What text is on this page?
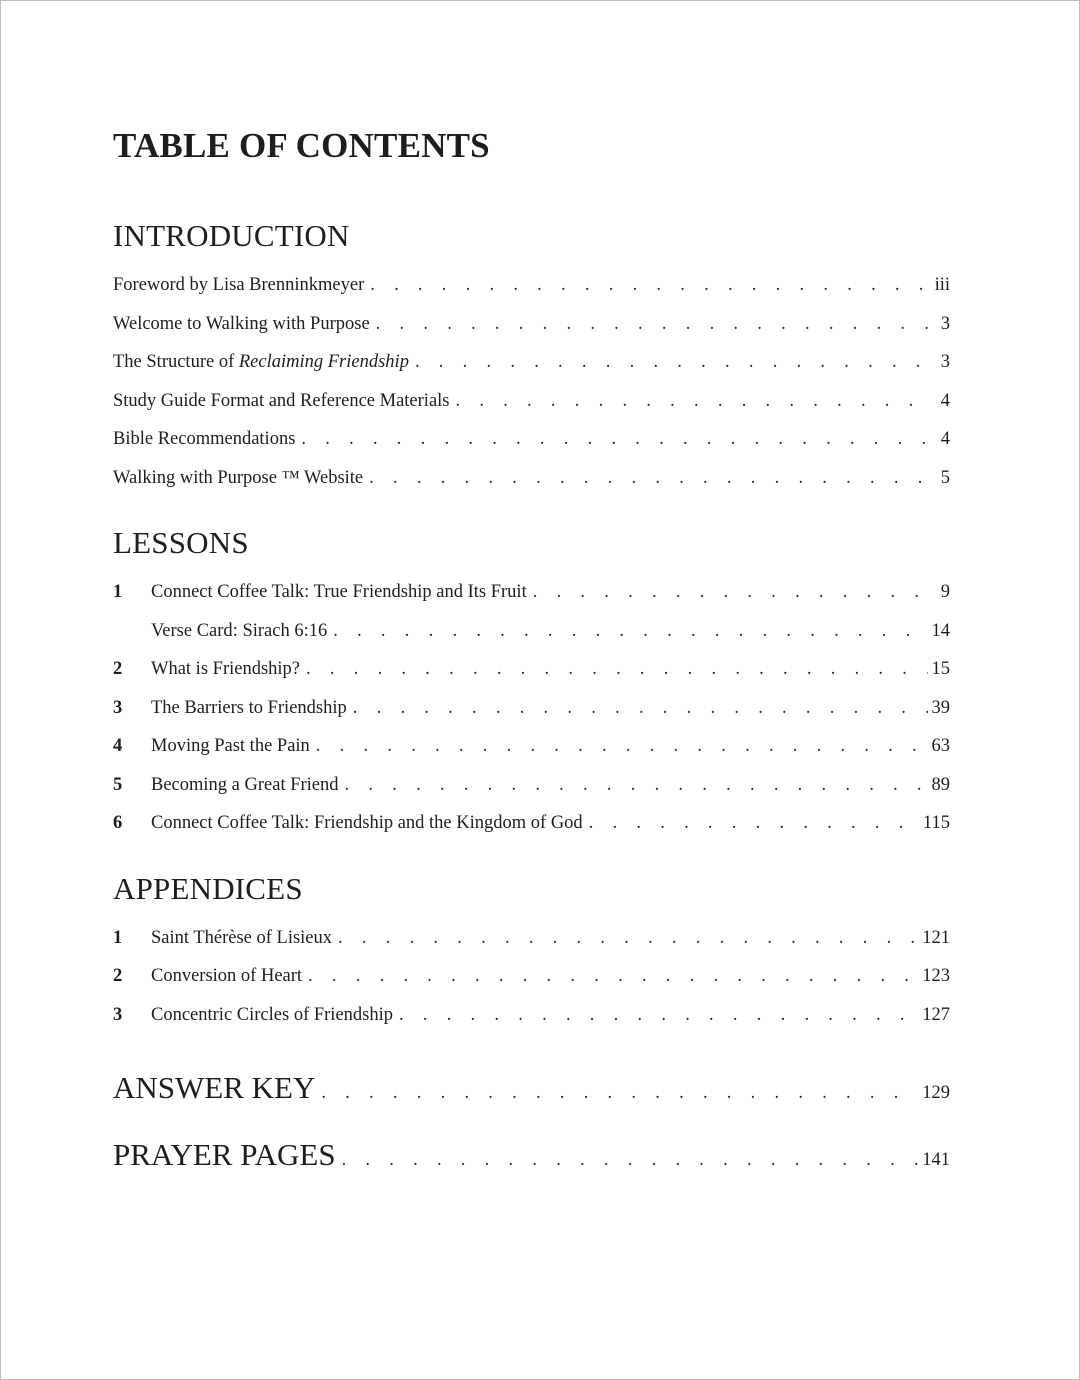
TABLE OF CONTENTS
INTRODUCTION
Foreword by Lisa Brenninkmeyer . . .	iii
Welcome to Walking with Purpose . . .	3
The Structure of Reclaiming Friendship . . .	3
Study Guide Format and Reference Materials . . .	4
Bible Recommendations . . .	4
Walking with Purpose ™ Website . . .	5
LESSONS
1	Connect Coffee Talk: True Friendship and Its Fruit . . .	9
Verse Card: Sirach 6:16 . . .	14
2	What is Friendship? . . .	15
3	The Barriers to Friendship . . .	39
4	Moving Past the Pain . . .	63
5	Becoming a Great Friend . . .	89
6	Connect Coffee Talk: Friendship and the Kingdom of God . . .	115
APPENDICES
1	Saint Thérèse of Lisieux . . .	121
2	Conversion of Heart . . .	123
3	Concentric Circles of Friendship . . .	127
ANSWER KEY . . .	129
PRAYER PAGES . . .	141
